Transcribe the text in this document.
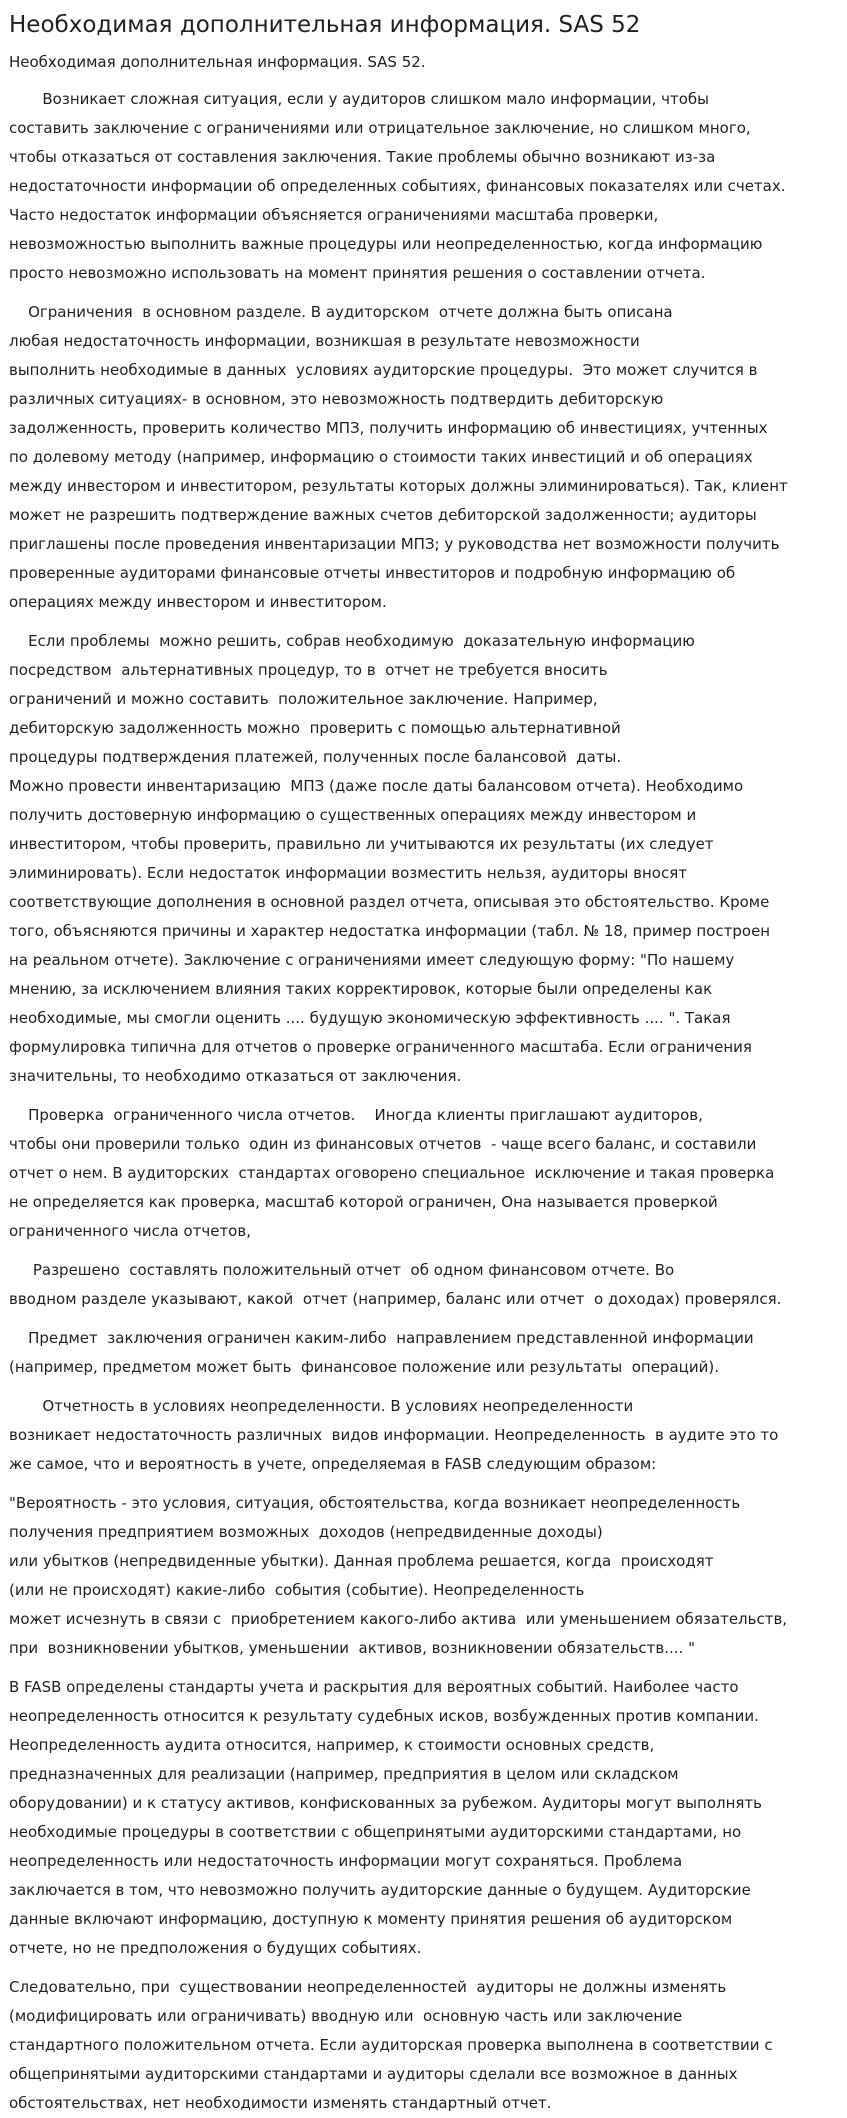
Необходимая дополнительная информация. SAS 52
Необходимая дополнительная информация. SAS 52.
Возникает сложная ситуация, если у аудиторов слишком мало информации, чтобы
составить заключение с ограничениями или отрицательное заключение, но слишком много,
чтобы отказаться от составления заключения. Такие проблемы обычно возникают из-за
недостаточности информации об определенных событиях, финансовых показателях или счетах.
Часто недостаток информации объясняется ограничениями масштаба проверки,
невозможностью выполнить важные процедуры или неопределенностью, когда информацию
просто невозможно использовать на момент принятия решения о составлении отчета.
Ограничения  в основном разделе. В аудиторском  отчете должна быть описана
любая недостаточность информации, возникшая в результате невозможности
выполнить необходимые в данных  условиях аудиторские процедуры.  Это может случится в
различных ситуациях- в основном, это невозможность подтвердить дебиторскую
задолженность, проверить количество МПЗ, получить информацию об инвестициях, учтенных
по долевому методу (например, информацию о стоимости таких инвестиций и об операциях
между инвестором и инвеститором, результаты которых должны элиминироваться). Так, клиент
может не разрешить подтверждение важных счетов дебиторской задолженности; аудиторы
приглашены после проведения инвентаризации МПЗ; у руководства нет возможности получить
проверенные аудиторами финансовые отчеты инвеститоров и подробную информацию об
операциях между инвестором и инвеститором.
Если проблемы  можно решить, собрав необходимую  доказательную информацию
посредством  альтернативных процедур, то в  отчет не требуется вносить
ограничений и можно составить  положительное заключение. Например,
дебиторскую задолженность можно  проверить с помощью альтернативной
процедуры подтверждения платежей, полученных после балансовой  даты.
Можно провести инвентаризацию  МПЗ (даже после даты балансовом отчета). Необходимо
получить достоверную информацию о существенных операциях между инвестором и
инвеститором, чтобы проверить, правильно ли учитываются их результаты (их следует
элиминировать). Если недостаток информации возместить нельзя, аудиторы вносят
соответствующие дополнения в основной раздел отчета, описывая это обстоятельство. Кроме
того, объясняются причины и характер недостатка информации (табл. № 18, пример построен
на реальном отчете). Заключение с ограничениями имеет следующую форму: "По нашему
мнению, за исключением влияния таких корректировок, которые были определены как
необходимые, мы смогли оценить .... будущую экономическую эффективность .... ". Такая
формулировка типична для отчетов о проверке ограниченного масштаба. Если ограничения
значительны, то необходимо отказаться от заключения.
Проверка  ограниченного числа отчетов.    Иногда клиенты приглашают аудиторов,
чтобы они проверили только  один из финансовых отчетов  - чаще всего баланс, и составили
отчет о нем. В аудиторских  стандартах оговорено специальное  исключение и такая проверка
не определяется как проверка, масштаб которой ограничен, Она называется проверкой
ограниченного числа отчетов,
Разрешено  составлять положительный отчет  об одном финансовом отчете. Во
вводном разделе указывают, какой  отчет (например, баланс или отчет  о доходах) проверялся.
Предмет  заключения ограничен каким-либо  направлением представленной информации
(например, предметом может быть  финансовое положение или результаты  операций).
Отчетность в условиях неопределенности. В условиях неопределенности
возникает недостаточность различных  видов информации. Неопределенность  в аудите это то
же самое, что и вероятность в учете, определяемая в FASB следующим образом:
"Вероятность - это условия, ситуация, обстоятельства, когда возникает неопределенность
получения предприятием возможных  доходов (непредвиденные доходы)
или убытков (непредвиденные убытки). Данная проблема решается, когда  происходят
(или не происходят) какие-либо  события (событие). Неопределенность
может исчезнуть в связи с  приобретением какого-либо актива  или уменьшением обязательств,
при  возникновении убытков, уменьшении  активов, возникновении обязательств.... "
В FASB определены стандарты учета и раскрытия для вероятных событий. Наиболее часто
неопределенность относится к результату судебных исков, возбужденных против компании.
Неопределенность аудита относится, например, к стоимости основных средств,
предназначенных для реализации (например, предприятия в целом или складском
оборудовании) и к статусу активов, конфискованных за рубежом. Аудиторы могут выполнять
необходимые процедуры в соответствии с общепринятыми аудиторскими стандартами, но
неопределенность или недостаточность информации могут сохраняться. Проблема
заключается в том, что невозможно получить аудиторские данные о будущем. Аудиторские
данные включают информацию, доступную к моменту принятия решения об аудиторском
отчете, но не предположения о будущих событиях.
Следовательно, при  существовании неопределенностей  аудиторы не должны изменять
(модифицировать или ограничивать) вводную или  основную часть или заключение
стандартного положительном отчета. Если аудиторская проверка выполнена в соответствии с
общепринятыми аудиторскими стандартами и аудиторы сделали все возможное в данных
обстоятельствах, нет необходимости изменять стандартный отчет.
